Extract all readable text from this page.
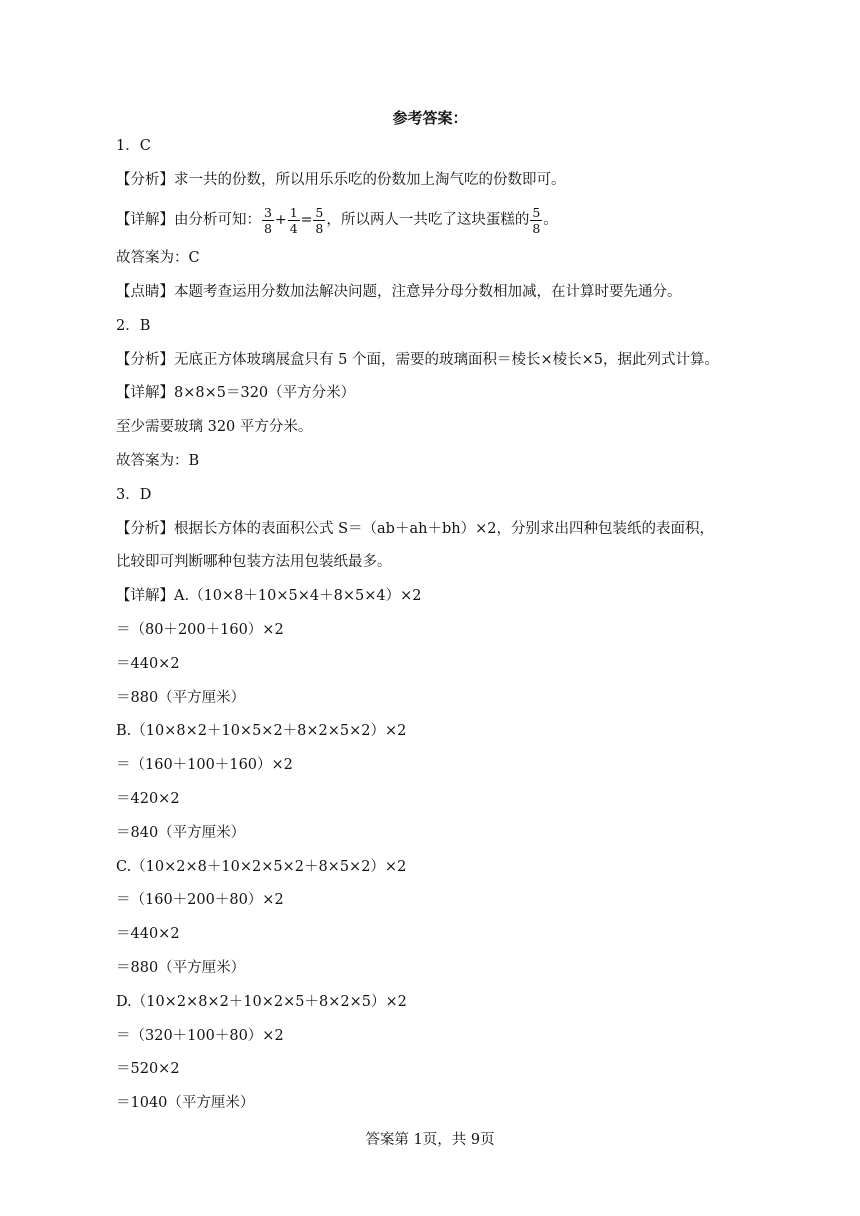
参考答案：
1．C
【分析】求一共的份数，所以用乐乐吃的份数加上淘气吃的份数即可。
【详解】由分析可知： $\frac{3}{8} + \frac{1}{4} = \frac{5}{8}$ ，所以两人一共吃了这块蛋糕的 $\frac{5}{8}$ 。
故答案为：C
【点睛】本题考查运用分数加法解决问题，注意异分母分数相加减，在计算时要先通分。
2．B
【分析】无底正方体玻璃展盒只有 5 个面，需要的玻璃面积＝棱长×棱长×5，据此列式计算。
【详解】8×8×5＝320（平方分米）
至少需要玻璃 320 平方分米。
故答案为：B
3．D
【分析】根据长方体的表面积公式 S＝（ab＋ah＋bh）×2，分别求出四种包装纸的表面积，
比较即可判断哪种包装方法用包装纸最多。
【详解】A.（10×8＋10×5×4＋8×5×4）×2
＝（80＋200＋160）×2
＝440×2
＝880（平方厘米）
B.（10×8×2＋10×5×2＋8×2×5×2）×2
＝（160＋100＋160）×2
＝420×2
＝840（平方厘米）
C.（10×2×8＋10×2×5×2＋8×5×2）×2
＝（160＋200＋80）×2
＝440×2
＝880（平方厘米）
D.（10×2×8×2＋10×2×5＋8×2×5）×2
＝（320＋100＋80）×2
＝520×2
＝1040（平方厘米）
答案第 1页，共 9页
